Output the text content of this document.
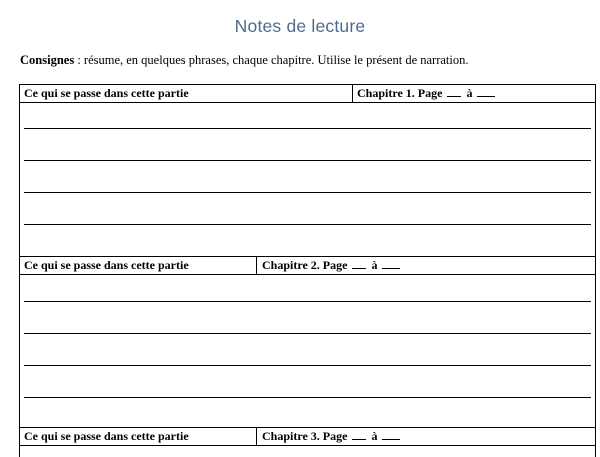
Notes de lecture
Consignes : résume, en quelques phrases, chaque chapitre. Utilise le présent de narration.
Ce qui se passe dans cette partie	Chapitre 1. Page à
Ce qui se passe dans cette partie	Chapitre 2. Page à
Ce qui se passe dans cette partie	Chapitre 3. Page à
